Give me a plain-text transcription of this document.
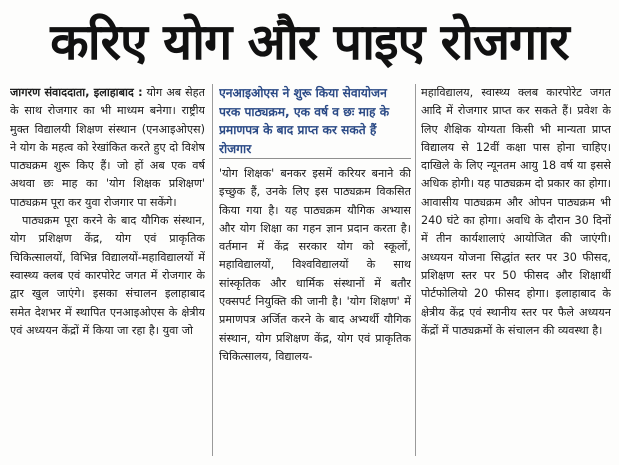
करिए योग और पाइए रोजगार

जागरण संवाददाता, इलाहाबाद : योग अब सेहत के साथ रोजगार का भी माध्यम बनेगा। राष्ट्रीय मुक्त विद्यालयी शिक्षण संस्थान (एनआइओएस) ने योग के महत्व को रेखांकित करते हुए दो विशेष पाठ्यक्रम शुरू किए हैं। जो हों अब एक वर्ष अथवा छः माह का 'योग शिक्षक प्रशिक्षण' पाठ्यक्रम पूरा कर युवा रोजगार पा सकेंगे।

पाठ्यक्रम पूरा करने के बाद यौगिक संस्थान, योग प्रशिक्षण केंद्र, योग एवं प्राकृतिक चिकित्सालयों, विभिन्न विद्यालयों-महाविद्यालयों में स्वास्थ्य क्लब एवं कारपोरेट जगत में रोजगार के द्वार खुल जाएंगे। इसका संचालन इलाहाबाद समेत देशभर में स्थापित एनआइओएस के क्षेत्रीय एवं अध्ययन केंद्रों में किया जा रहा है। युवा जो

एनआइओएस ने शुरू किया सेवायोजन परक पाठ्यक्रम, एक वर्ष व छः माह के प्रमाणपत्र के बाद प्राप्त कर सकते हैं रोजगार

'योग शिक्षक' बनकर इसमें करियर बनाने की इच्छुक हैं, उनके लिए इस पाठ्यक्रम विकसित किया गया है। यह पाठ्यक्रम यौगिक अभ्यास और योग शिक्षा का गहन ज्ञान प्रदान करता है। वर्तमान में केंद्र सरकार योग को स्कूलों, महाविद्यालयों, विश्वविद्यालयों के साथ सांस्कृतिक और धार्मिक संस्थानों में बतौर एक्सपर्ट नियुक्ति की जानी है। 'योग शिक्षण' में प्रमाणपत्र अर्जित करने के बाद अभ्यर्थी यौगिक संस्थान, योग प्रशिक्षण केंद्र, योग एवं प्राकृतिक चिकित्सालय, विद्यालय-

महाविद्यालय, स्वास्थ्य क्लब कारपोरेट जगत आदि में रोजगार प्राप्त कर सकते हैं। प्रवेश के लिए शैक्षिक योग्यता किसी भी मान्यता प्राप्त विद्यालय से 12वीं कक्षा पास होना चाहिए। दाखिले के लिए न्यूनतम आयु 18 वर्ष या इससे अधिक होगी। यह पाठ्यक्रम दो प्रकार का होगा। आवासीय पाठ्यक्रम और ओपन पाठ्यक्रम भी 240 घंटे का होगा। अवधि के दौरान 30 दिनों में तीन कार्यशालाएं आयोजित की जाएंगी। अध्ययन योजना सिद्धांत स्तर पर 30 फीसद, प्रशिक्षण स्तर पर 50 फीसद और शिक्षार्थी पोर्टफोलियो 20 फीसद होगा। इलाहाबाद के क्षेत्रीय केंद्र एवं स्थानीय स्तर पर फैले अध्ययन केंद्रों में पाठ्यक्रमों के संचालन की व्यवस्था है।
